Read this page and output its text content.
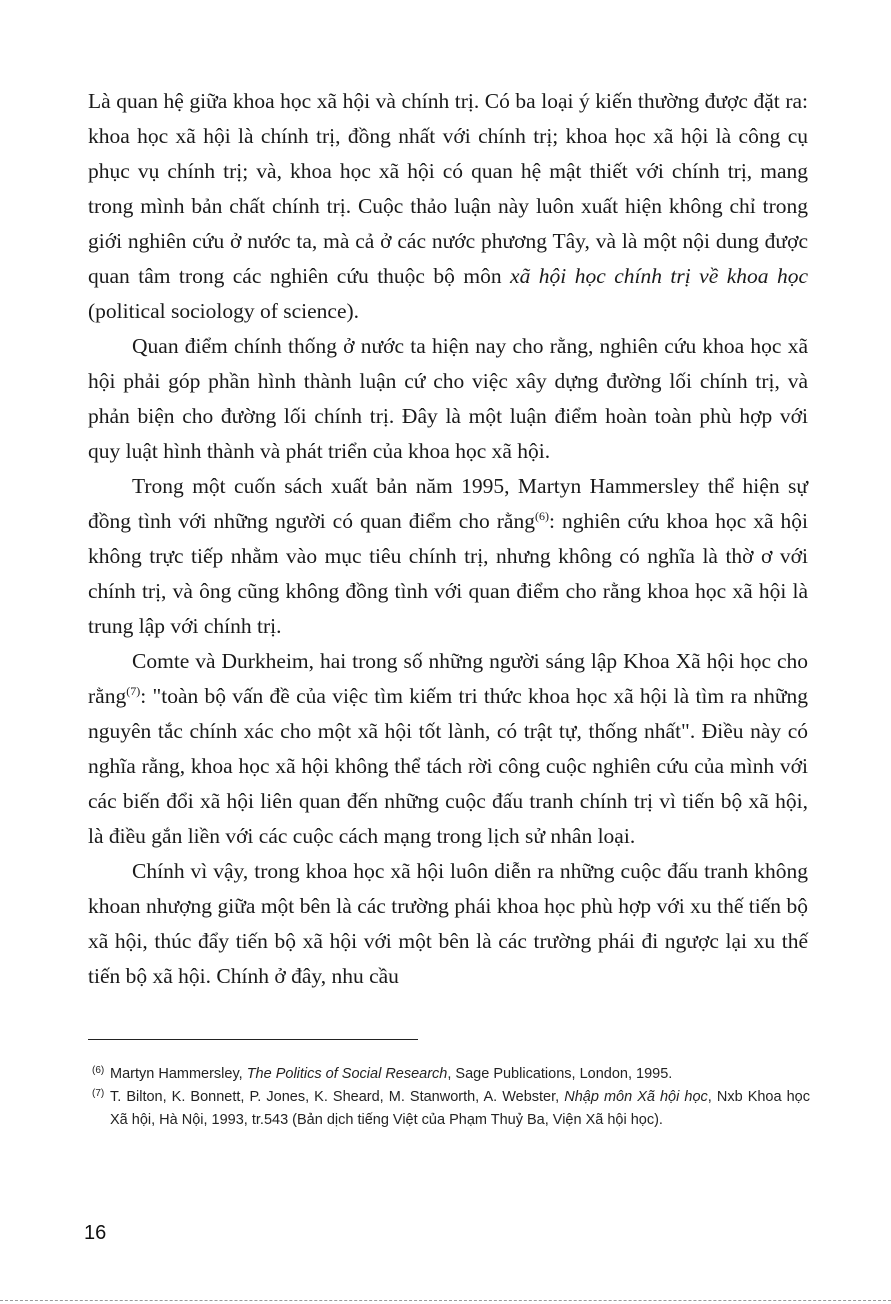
Là quan hệ giữa khoa học xã hội và chính trị. Có ba loại ý kiến thường được đặt ra: khoa học xã hội là chính trị, đồng nhất với chính trị; khoa học xã hội là công cụ phục vụ chính trị; và, khoa học xã hội có quan hệ mật thiết với chính trị, mang trong mình bản chất chính trị. Cuộc thảo luận này luôn xuất hiện không chỉ trong giới nghiên cứu ở nước ta, mà cả ở các nước phương Tây, và là một nội dung được quan tâm trong các nghiên cứu thuộc bộ môn xã hội học chính trị về khoa học (political sociology of science).

Quan điểm chính thống ở nước ta hiện nay cho rằng, nghiên cứu khoa học xã hội phải góp phần hình thành luận cứ cho việc xây dựng đường lối chính trị, và phản biện cho đường lối chính trị. Đây là một luận điểm hoàn toàn phù hợp với quy luật hình thành và phát triển của khoa học xã hội.

Trong một cuốn sách xuất bản năm 1995, Martyn Hammersley thể hiện sự đồng tình với những người có quan điểm cho rằng$^{(6)}$: nghiên cứu khoa học xã hội không trực tiếp nhằm vào mục tiêu chính trị, nhưng không có nghĩa là thờ ơ với chính trị, và ông cũng không đồng tình với quan điểm cho rằng khoa học xã hội là trung lập với chính trị.

Comte và Durkheim, hai trong số những người sáng lập Khoa Xã hội học cho rằng$^{(7)}$: "toàn bộ vấn đề của việc tìm kiếm tri thức khoa học xã hội là tìm ra những nguyên tắc chính xác cho một xã hội tốt lành, có trật tự, thống nhất". Điều này có nghĩa rằng, khoa học xã hội không thể tách rời công cuộc nghiên cứu của mình với các biến đổi xã hội liên quan đến những cuộc đấu tranh chính trị vì tiến bộ xã hội, là điều gắn liền với các cuộc cách mạng trong lịch sử nhân loại.

Chính vì vậy, trong khoa học xã hội luôn diễn ra những cuộc đấu tranh không khoan nhượng giữa một bên là các trường phái khoa học phù hợp với xu thế tiến bộ xã hội, thúc đẩy tiến bộ xã hội với một bên là các trường phái đi ngược lại xu thế tiến bộ xã hội. Chính ở đây, nhu cầu

(6) Martyn Hammersley, The Politics of Social Research, Sage Publications, London, 1995.

(7) T. Bilton, K. Bonnett, P. Jones, K. Sheard, M. Stanworth, A. Webster, Nhập môn Xã hội học, Nxb Khoa học Xã hội, Hà Nội, 1993, tr.543 (Bản dịch tiếng Việt của Phạm Thuỷ Ba, Viện Xã hội học).

16
